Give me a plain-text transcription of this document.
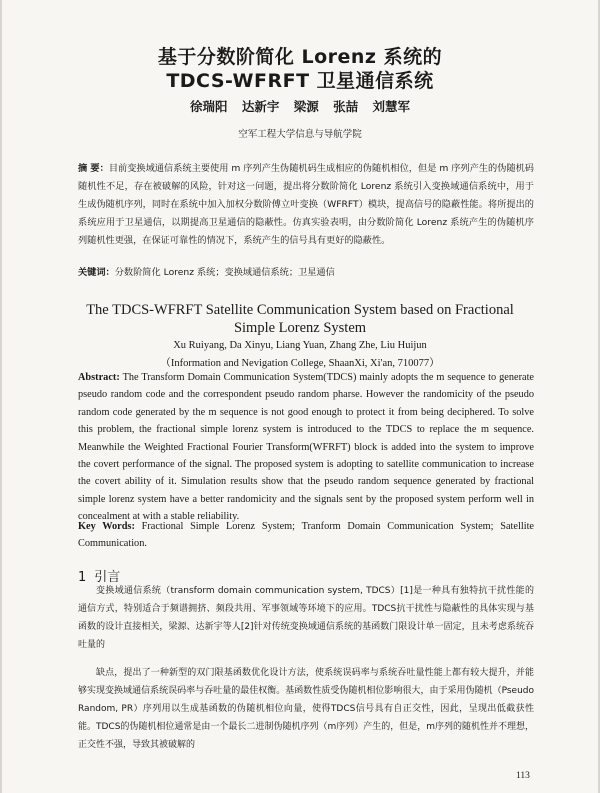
基于分数阶简化 Lorenz 系统的
TDCS-WFRFT 卫星通信系统
徐瑞阳 达新宇 梁源 张喆 刘慧军
空军工程大学信息与导航学院
摘 要：目前变换域通信系统主要使用 m 序列产生伪随机码生成相应的伪随机相位，但是 m 序列产生的伪随机码随机性不足，存在被破解的风险，针对这一问题，提出将分数阶简化 Lorenz 系统引入变换域通信系统中，用于生成伪随机序列，同时在系统中加入加权分数阶傅立叶变换（WFRFT）模块，提高信号的隐蔽性能。将所提出的系统应用于卫星通信，以期提高卫星通信的隐蔽性。仿真实验表明，由分数阶简化 Lorenz 系统产生的伪随机序列随机性更强，在保证可靠性的情况下，系统产生的信号具有更好的隐蔽性。
关键词：分数阶简化 Lorenz 系统；变换域通信系统；卫星通信
The TDCS-WFRFT Satellite Communication System based on Fractional
Simple Lorenz System
Xu Ruiyang, Da Xinyu, Liang Yuan, Zhang Zhe, Liu Huijun
（Information and Nevigation College, ShaanXi, Xi'an, 710077）
Abstract: The Transform Domain Communication System(TDCS) mainly adopts the m sequence to generate pseudo random code and the correspondent pseudo random pharse. However the randomicity of the pseudo random code generated by the m sequence is not good enough to protect it from being deciphered. To solve this problem, the fractional simple lorenz system is introduced to the TDCS to replace the m sequence. Meanwhile the Weighted Fractional Fourier Transform(WFRFT) block is added into the system to improve the covert performance of the signal. The proposed system is adopting to satellite communication to increase the covert ability of it. Simulation results show that the pseudo random sequence generated by fractional simple lorenz system have a better randomicity and the signals sent by the proposed system perform well in concealment at with a stable reliability.
Key Words: Fractional Simple Lorenz System; Tranform Domain Communication System; Satellite Communication.
1 引言

变换域通信系统（transform domain communication system, TDCS）[1]是一种具有独特抗干扰性能的通信方式，特别适合于频谱拥挤、频段共用、军事领域等环境下的应用。TDCS抗干扰性与隐蔽性的具体实现与基函数的设计直接相关，梁源、达新宇等人[2]针对传统变换域通信系统的基函数门限设计单一固定，且未考虑系统吞吐量的

缺点，提出了一种新型的双门限基函数优化设计方法，使系统误码率与系统吞吐量性能上都有较大提升，并能够实现变换域通信系统误码率与吞吐量的最佳权衡。基函数性质受伪随机相位影响很大，由于采用伪随机（Pseudo Random, PR）序列用以生成基函数的伪随机相位向量，使得TDCS信号具有自正交性，因此，呈现出低截获性能。TDCS的伪随机相位通常是由一个最长二进制伪随机序列（m序列）产生的，但是，m序列的随机性并不理想，正交性不强，导致其被破解的

113
